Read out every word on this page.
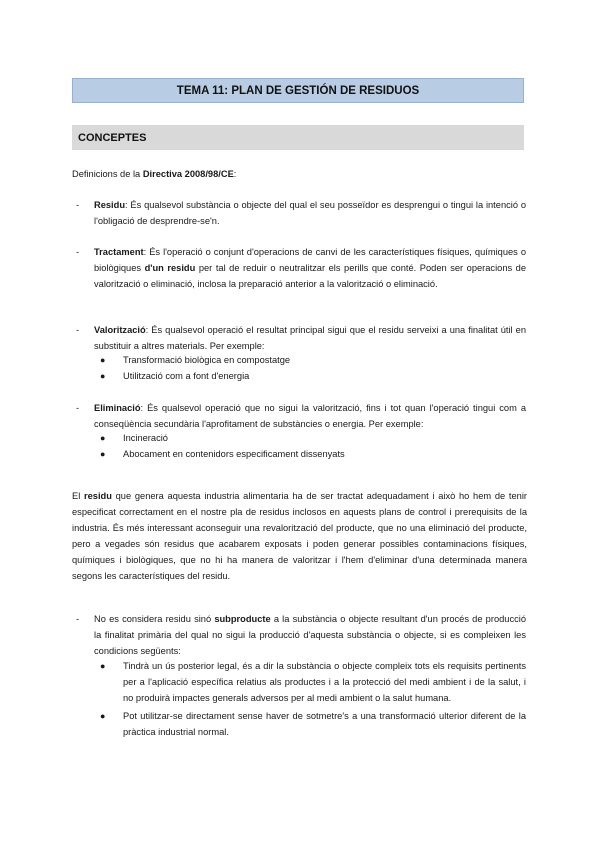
TEMA 11: PLAN DE GESTIÓN DE RESIDUOS
CONCEPTES

Definicions de la Directiva 2008/98/CE:

- Residu: És qualsevol substància o objecte del qual el seu posseïdor es desprengui o tingui la intenció o l'obligació de desprendre-se'n.

- Tractament: És l'operació o conjunt d'operacions de canvi de les característiques físiques, químiques o biològiques d'un residu per tal de reduir o neutralitzar els perills que conté. Poden ser operacions de valorització o eliminació, inclosa la preparació anterior a la valorització o eliminació.

- Valorització: És qualsevol operació el resultat principal sigui que el residu serveixi a una finalitat útil en substituir a altres materials. Per exemple:

● Transformació biològica en compostatge
● Utilització com a font d'energia
- Eliminació: És qualsevol operació que no sigui la valorització, fins i tot quan l'operació tingui com a conseqüència secundària l'aprofitament de substàncies o energia. Per exemple:

● Incineració
● Abocament en contenidors especificament dissenyats

El residu que genera aquesta industria alimentaria ha de ser tractat adequadament i això ho hem de tenir especificat correctament en el nostre pla de residus inclosos en aquests plans de control i prerequisits de la industria. És més interessant aconseguir una revalorització del producte, que no una eliminació del producte, pero a vegades són residus que acabarem exposats i poden generar possibles contaminacions físiques, químiques i biològiques, que no hi ha manera de valoritzar i l'hem d'eliminar d'una determinada manera segons les característiques del residu.

- No es considera residu sinó subproducte a la substància o objecte resultant d'un procés de producció la finalitat primària del qual no sigui la producció d'aquesta substància o objecte, si es compleixen les condicions següents:

● Tindrà un ús posterior legal, és a dir la substància o objecte compleix tots els requisits pertinents per a l'aplicació específica relatius als productes i a la protecció del medi ambient i de la salut, i no produirà impactes generals adversos per al medi ambient o la salut humana.
● Pot utilitzar-se directament sense haver de sotmetre's a una transformació ulterior diferent de la pràctica industrial normal.
